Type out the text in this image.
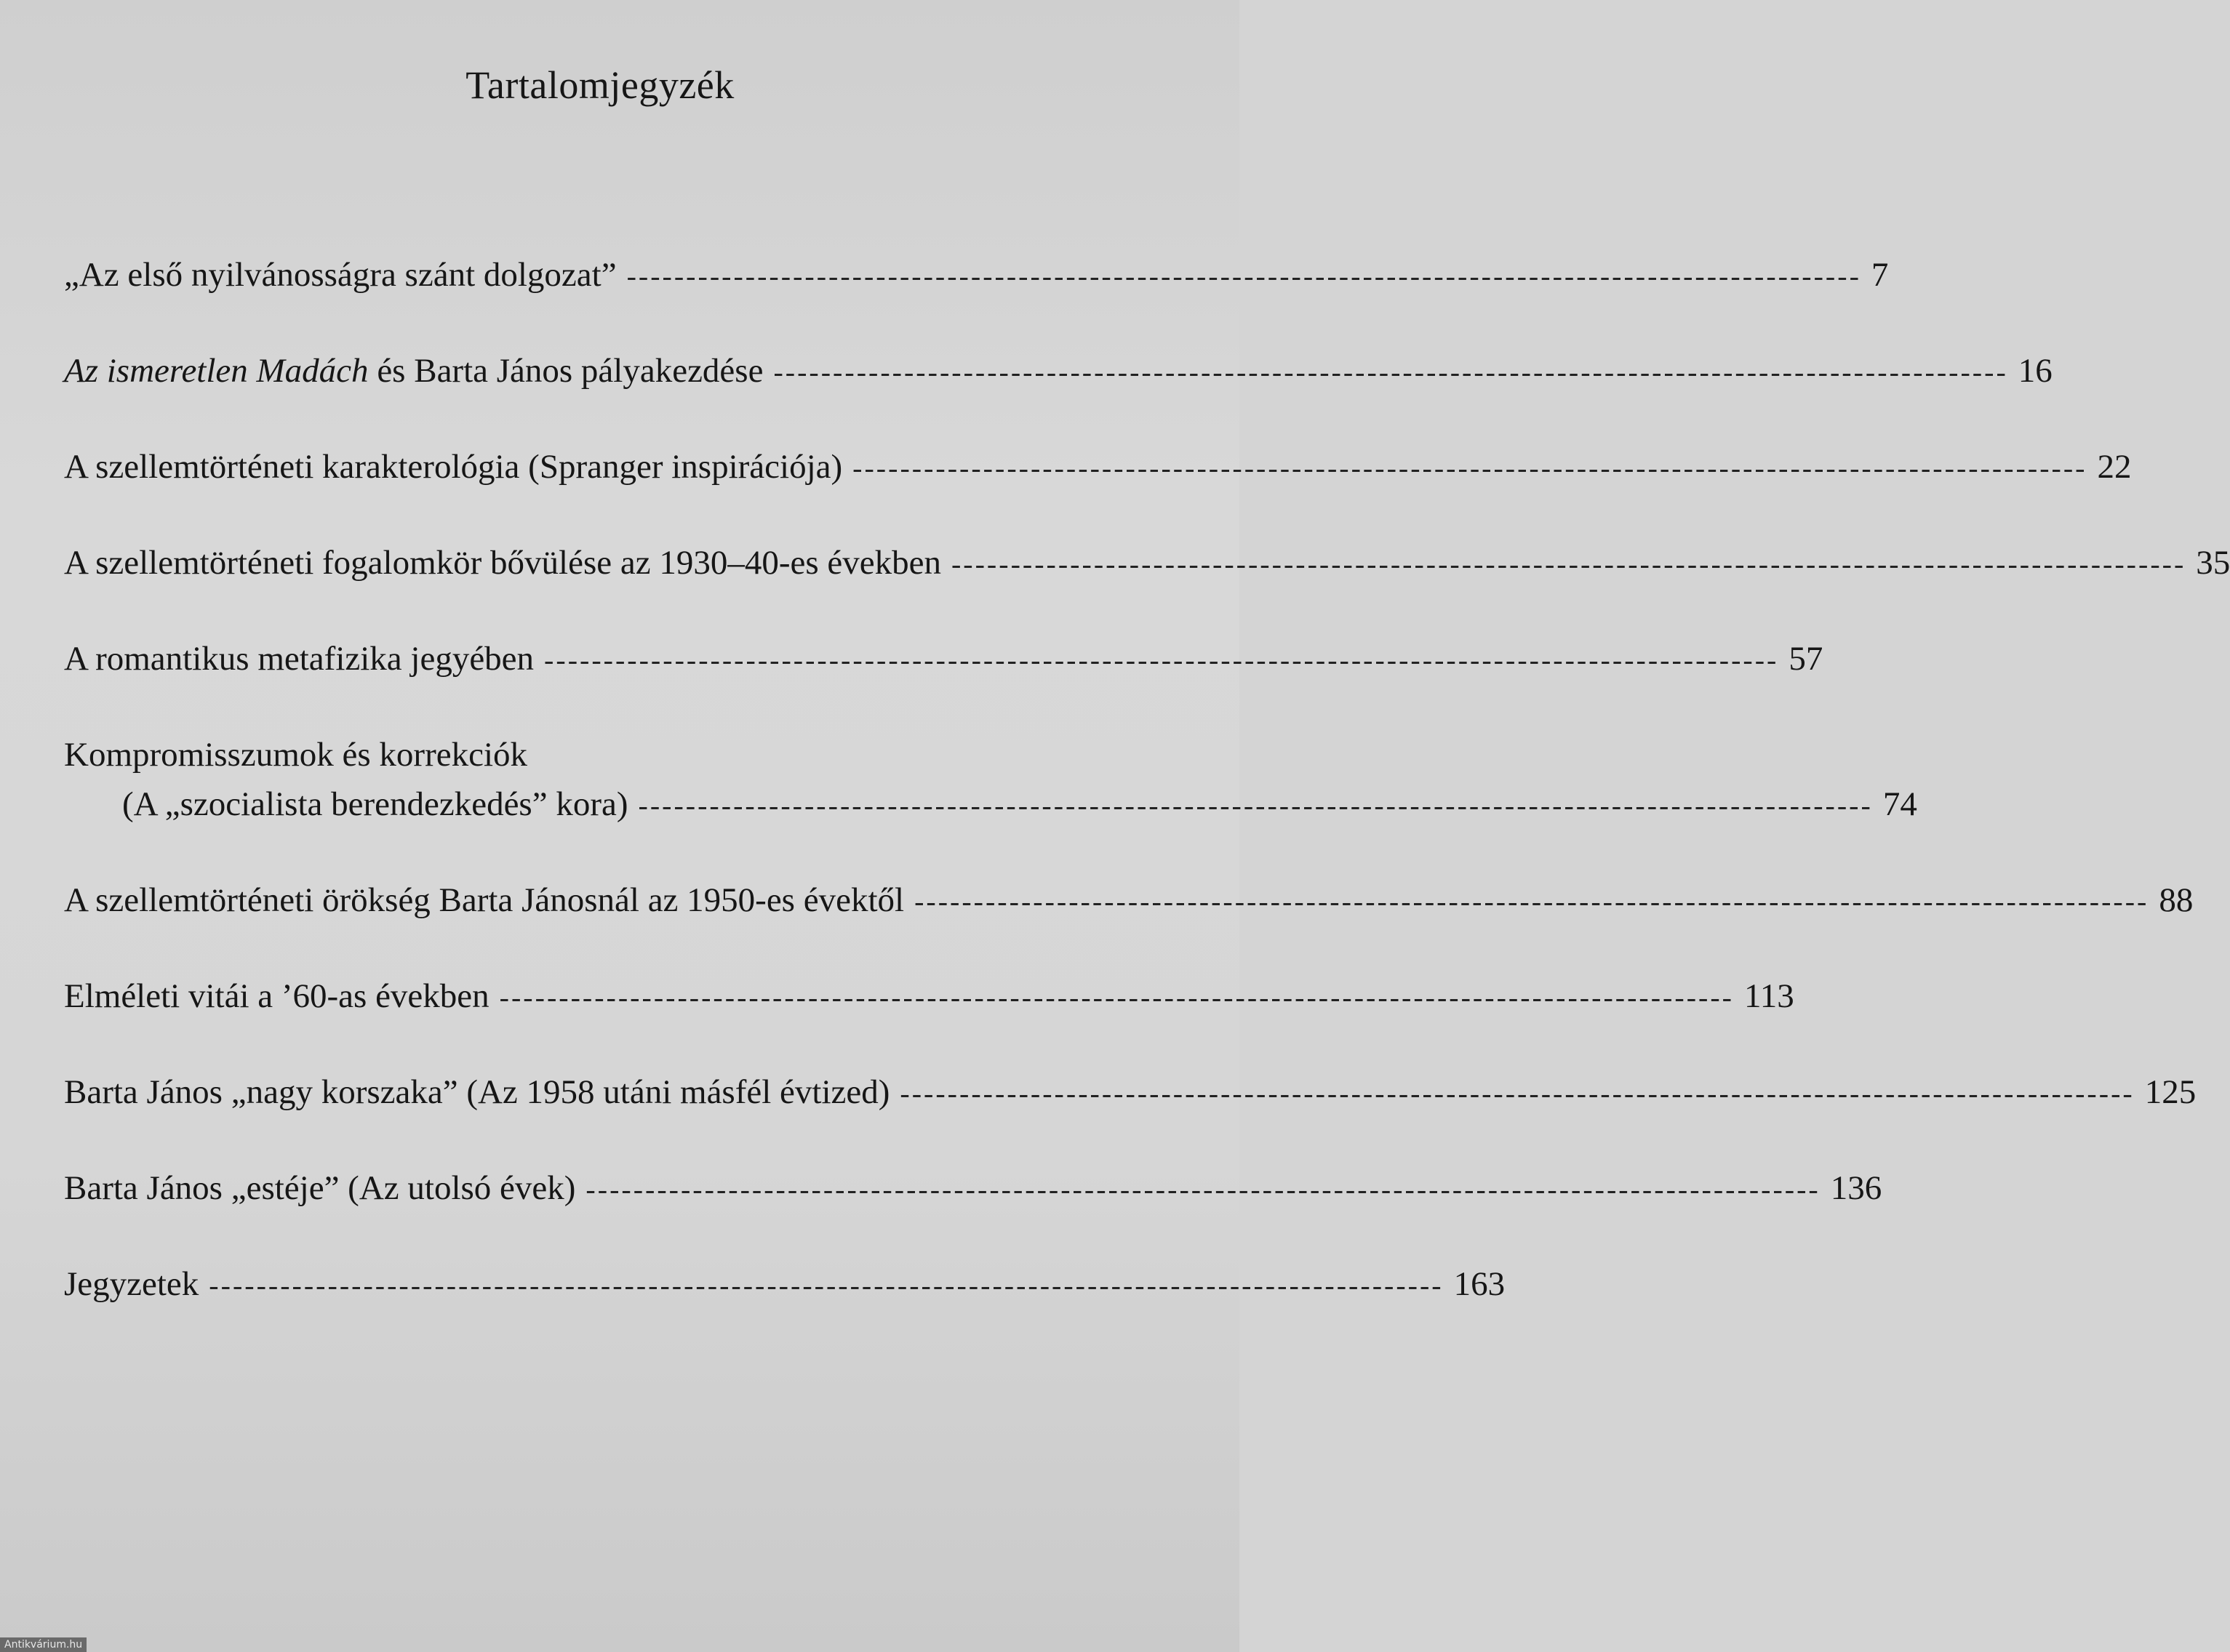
Tartalomjegyzék
„Az első nyilvánosságra szánt dolgozat” -------------------------------------------------------------------------------------------------------- 7
Az ismeretlen Madách és Barta János pályakezdése -------------------------------------------------------------------------------------------------------- 16
A szellemtörténeti karakterológia (Spranger inspirációja) -------------------------------------------------------------------------------------------------------- 22
A szellemtörténeti fogalomkör bővülése az 1930–40-es években -------------------------------------------------------------------------------------------------------- 35
A romantikus metafizika jegyében -------------------------------------------------------------------------------------------------------- 57
Kompromisszumok és korrekciók
(A „szocialista berendezkedés” kora) -------------------------------------------------------------------------------------------------------- 74
A szellemtörténeti örökség Barta Jánosnál az 1950-es évektől -------------------------------------------------------------------------------------------------------- 88
Elméleti vitái a ’60-as években -------------------------------------------------------------------------------------------------------- 113
Barta János „nagy korszaka” (Az 1958 utáni másfél évtized) -------------------------------------------------------------------------------------------------------- 125
Barta János „estéje” (Az utolsó évek) -------------------------------------------------------------------------------------------------------- 136
Jegyzetek -------------------------------------------------------------------------------------------------------- 163
Antikvárium.hu
